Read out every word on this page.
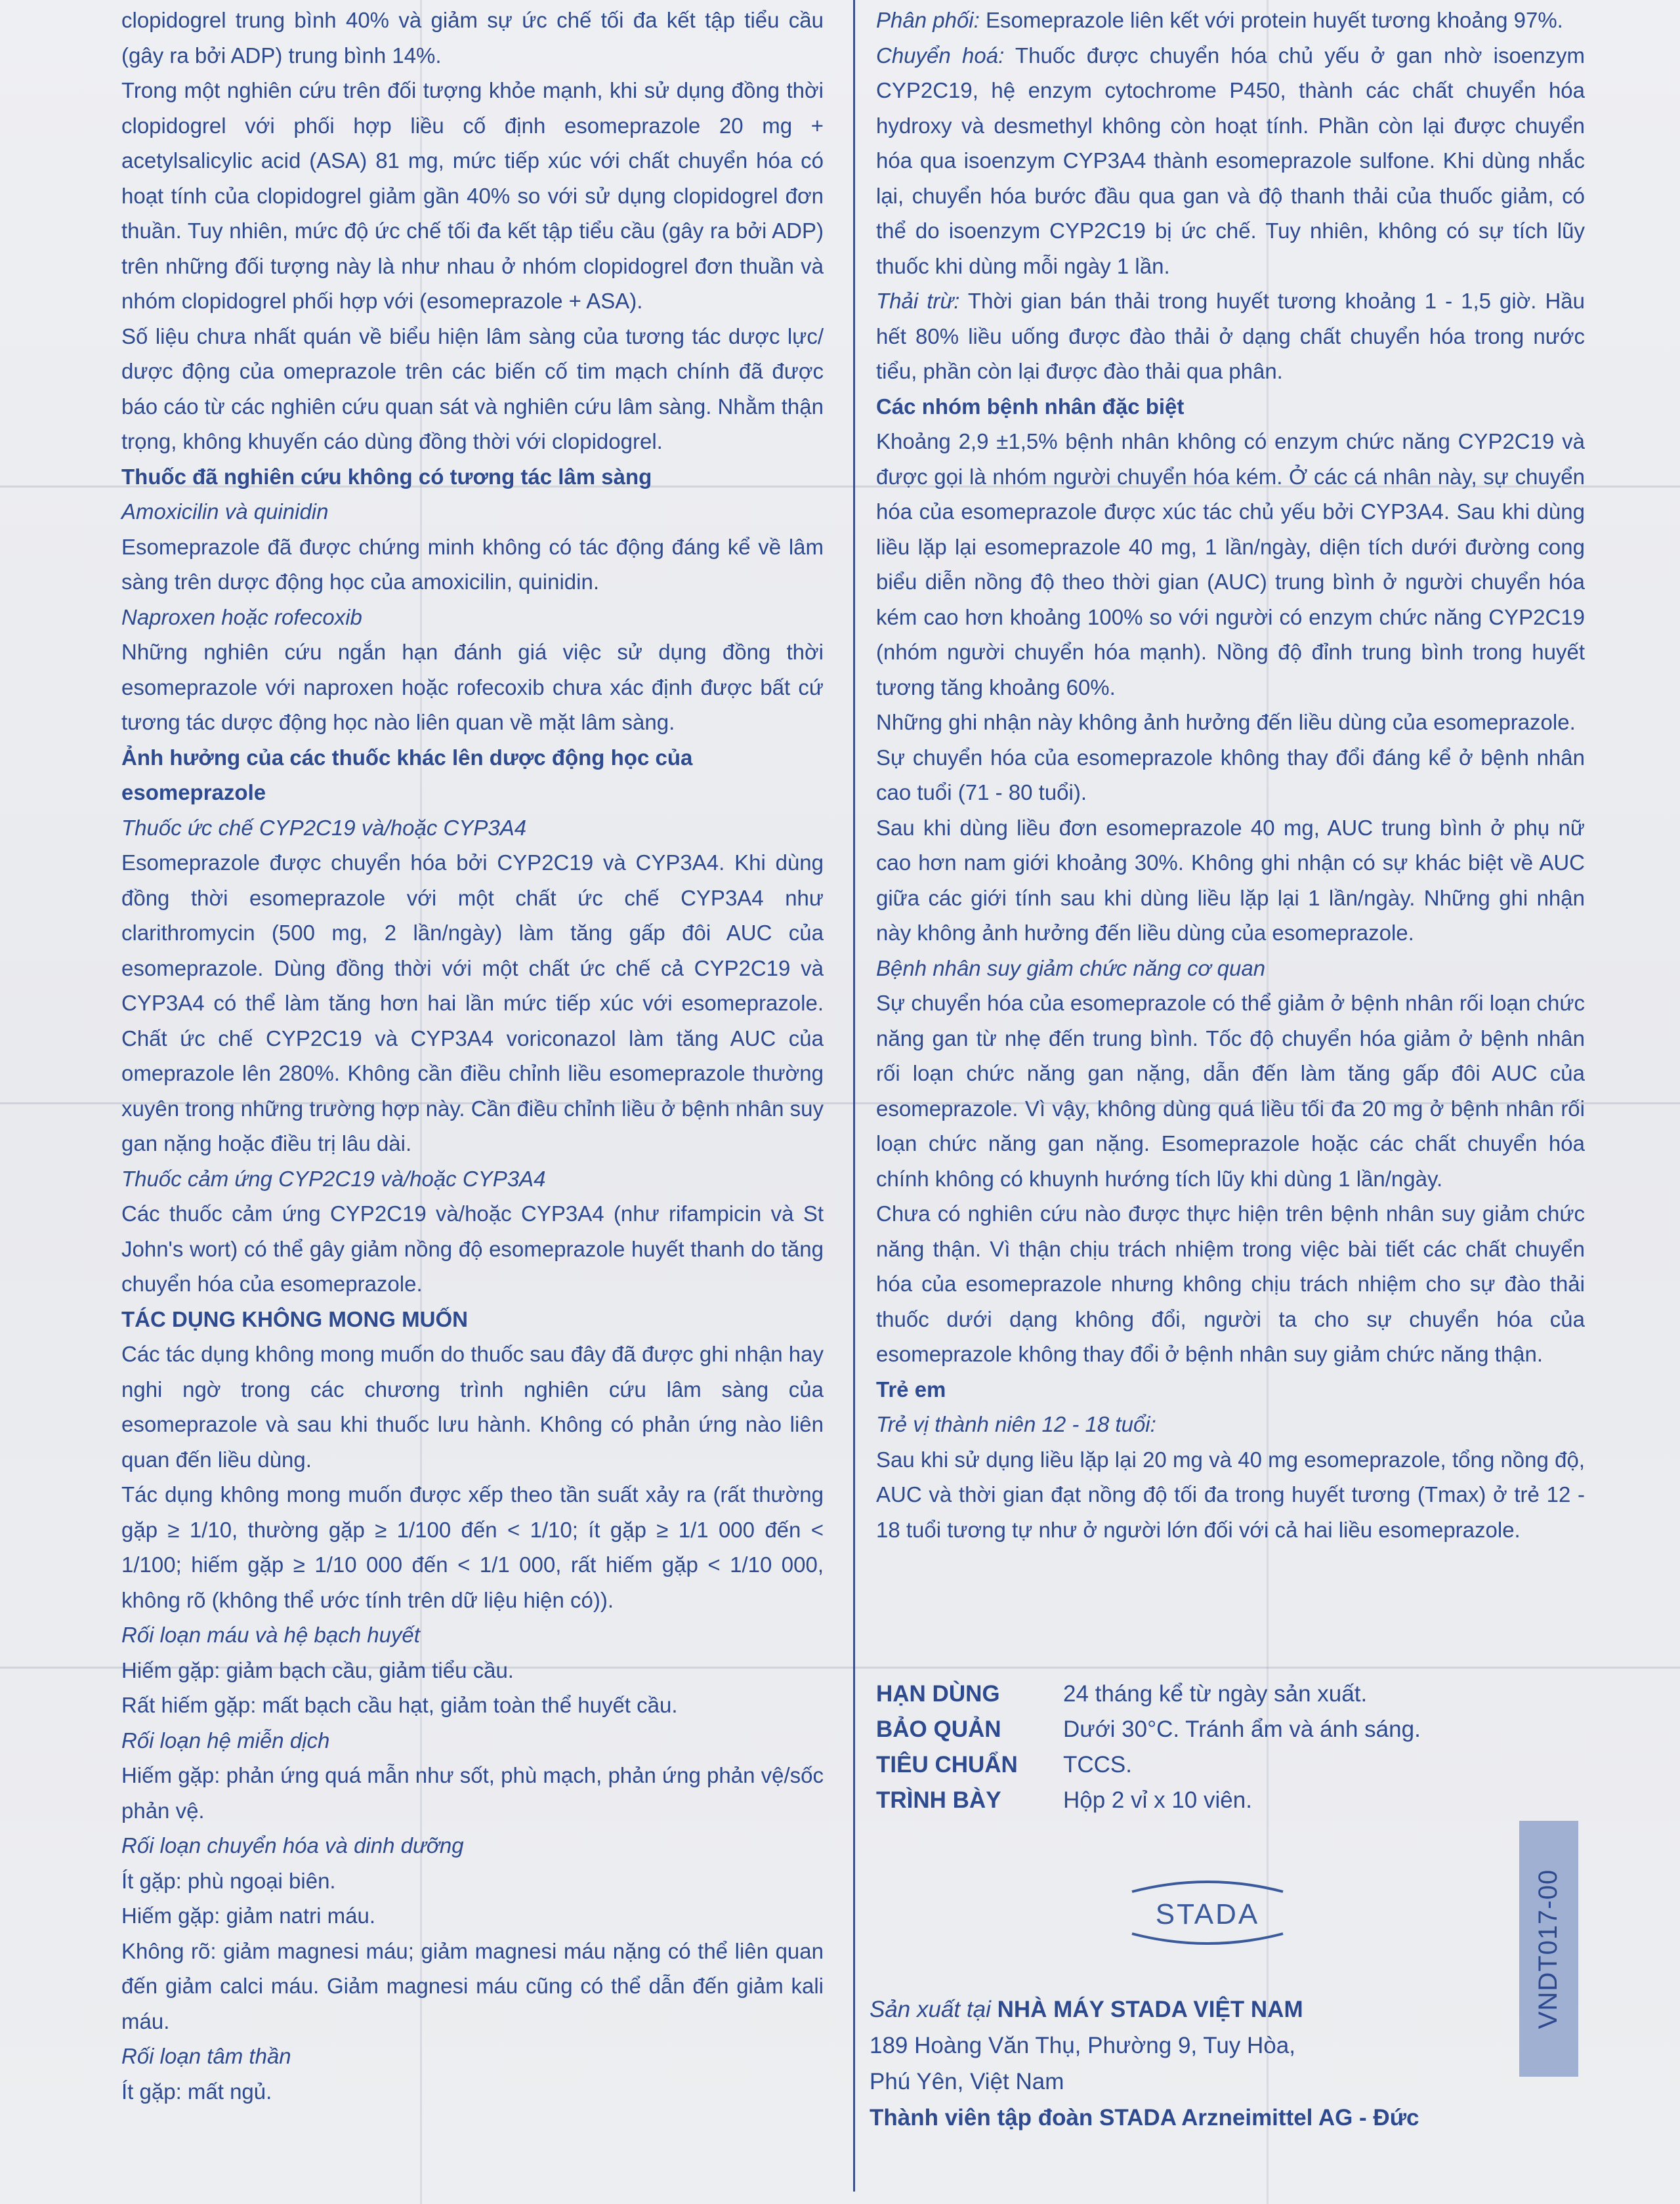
clopidogrel trung bình 40% và giảm sự ức chế tối đa kết tập tiểu cầu (gây ra bởi ADP) trung bình 14%.

Trong một nghiên cứu trên đối tượng khỏe mạnh, khi sử dụng đồng thời clopidogrel với phối hợp liều cố định esomeprazole 20 mg + acetylsalicylic acid (ASA) 81 mg, mức tiếp xúc với chất chuyển hóa có hoạt tính của clopidogrel giảm gần 40% so với sử dụng clopidogrel đơn thuần. Tuy nhiên, mức độ ức chế tối đa kết tập tiểu cầu (gây ra bởi ADP) trên những đối tượng này là như nhau ở nhóm clopidogrel đơn thuần và nhóm clopidogrel phối hợp với (esomeprazole + ASA).

Số liệu chưa nhất quán về biểu hiện lâm sàng của tương tác dược lực/ dược động của omeprazole trên các biến cố tim mạch chính đã được báo cáo từ các nghiên cứu quan sát và nghiên cứu lâm sàng. Nhằm thận trọng, không khuyến cáo dùng đồng thời với clopidogrel.

Thuốc đã nghiên cứu không có tương tác lâm sàng

Amoxicilin và quinidin

Esomeprazole đã được chứng minh không có tác động đáng kể về lâm sàng trên dược động học của amoxicilin, quinidin.

Naproxen hoặc rofecoxib

Những nghiên cứu ngắn hạn đánh giá việc sử dụng đồng thời esomeprazole với naproxen hoặc rofecoxib chưa xác định được bất cứ tương tác dược động học nào liên quan về mặt lâm sàng.

Ảnh hưởng của các thuốc khác lên dược động học của esomeprazole

Thuốc ức chế CYP2C19 và/hoặc CYP3A4

Esomeprazole được chuyển hóa bởi CYP2C19 và CYP3A4. Khi dùng đồng thời esomeprazole với một chất ức chế CYP3A4 như clarithromycin (500 mg, 2 lần/ngày) làm tăng gấp đôi AUC của esomeprazole. Dùng đồng thời với một chất ức chế cả CYP2C19 và CYP3A4 có thể làm tăng hơn hai lần mức tiếp xúc với esomeprazole. Chất ức chế CYP2C19 và CYP3A4 voriconazol làm tăng AUC của omeprazole lên 280%. Không cần điều chỉnh liều esomeprazole thường xuyên trong những trường hợp này. Cần điều chỉnh liều ở bệnh nhân suy gan nặng hoặc điều trị lâu dài.

Thuốc cảm ứng CYP2C19 và/hoặc CYP3A4

Các thuốc cảm ứng CYP2C19 và/hoặc CYP3A4 (như rifampicin và St John's wort) có thể gây giảm nồng độ esomeprazole huyết thanh do tăng chuyển hóa của esomeprazole.

TÁC DỤNG KHÔNG MONG MUỐN

Các tác dụng không mong muốn do thuốc sau đây đã được ghi nhận hay nghi ngờ trong các chương trình nghiên cứu lâm sàng của esomeprazole và sau khi thuốc lưu hành. Không có phản ứng nào liên quan đến liều dùng.

Tác dụng không mong muốn được xếp theo tần suất xảy ra (rất thường gặp ≥ 1/10, thường gặp ≥ 1/100 đến < 1/10; ít gặp ≥ 1/1 000 đến < 1/100; hiếm gặp ≥ 1/10 000 đến < 1/1 000, rất hiếm gặp < 1/10 000, không rõ (không thể ước tính trên dữ liệu hiện có)).

Rối loạn máu và hệ bạch huyết

Hiếm gặp: giảm bạch cầu, giảm tiểu cầu.

Rất hiếm gặp: mất bạch cầu hạt, giảm toàn thể huyết cầu.

Rối loạn hệ miễn dịch

Hiếm gặp: phản ứng quá mẫn như sốt, phù mạch, phản ứng phản vệ/sốc phản vệ.

Rối loạn chuyển hóa và dinh dưỡng

Ít gặp: phù ngoại biên.

Hiếm gặp: giảm natri máu.

Không rõ: giảm magnesi máu; giảm magnesi máu nặng có thể liên quan đến giảm calci máu. Giảm magnesi máu cũng có thể dẫn đến giảm kali máu.

Rối loạn tâm thần

Ít gặp: mất ngủ.

Phân phối: Esomeprazole liên kết với protein huyết tương khoảng 97%.

Chuyển hoá: Thuốc được chuyển hóa chủ yếu ở gan nhờ isoenzym CYP2C19, hệ enzym cytochrome P450, thành các chất chuyển hóa hydroxy và desmethyl không còn hoạt tính. Phần còn lại được chuyển hóa qua isoenzym CYP3A4 thành esomeprazole sulfone. Khi dùng nhắc lại, chuyển hóa bước đầu qua gan và độ thanh thải của thuốc giảm, có thể do isoenzym CYP2C19 bị ức chế. Tuy nhiên, không có sự tích lũy thuốc khi dùng mỗi ngày 1 lần.

Thải trừ: Thời gian bán thải trong huyết tương khoảng 1 - 1,5 giờ. Hầu hết 80% liều uống được đào thải ở dạng chất chuyển hóa trong nước tiểu, phần còn lại được đào thải qua phân.

Các nhóm bệnh nhân đặc biệt

Khoảng 2,9 ±1,5% bệnh nhân không có enzym chức năng CYP2C19 và được gọi là nhóm người chuyển hóa kém. Ở các cá nhân này, sự chuyển hóa của esomeprazole được xúc tác chủ yếu bởi CYP3A4. Sau khi dùng liều lặp lại esomeprazole 40 mg, 1 lần/ngày, diện tích dưới đường cong biểu diễn nồng độ theo thời gian (AUC) trung bình ở người chuyển hóa kém cao hơn khoảng 100% so với người có enzym chức năng CYP2C19 (nhóm người chuyển hóa mạnh). Nồng độ đỉnh trung bình trong huyết tương tăng khoảng 60%.

Những ghi nhận này không ảnh hưởng đến liều dùng của esomeprazole.

Sự chuyển hóa của esomeprazole không thay đổi đáng kể ở bệnh nhân cao tuổi (71 - 80 tuổi).

Sau khi dùng liều đơn esomeprazole 40 mg, AUC trung bình ở phụ nữ cao hơn nam giới khoảng 30%. Không ghi nhận có sự khác biệt về AUC giữa các giới tính sau khi dùng liều lặp lại 1 lần/ngày. Những ghi nhận này không ảnh hưởng đến liều dùng của esomeprazole.

Bệnh nhân suy giảm chức năng cơ quan

Sự chuyển hóa của esomeprazole có thể giảm ở bệnh nhân rối loạn chức năng gan từ nhẹ đến trung bình. Tốc độ chuyển hóa giảm ở bệnh nhân rối loạn chức năng gan nặng, dẫn đến làm tăng gấp đôi AUC của esomeprazole. Vì vậy, không dùng quá liều tối đa 20 mg ở bệnh nhân rối loạn chức năng gan nặng. Esomeprazole hoặc các chất chuyển hóa chính không có khuynh hướng tích lũy khi dùng 1 lần/ngày.

Chưa có nghiên cứu nào được thực hiện trên bệnh nhân suy giảm chức năng thận. Vì thận chịu trách nhiệm trong việc bài tiết các chất chuyển hóa của esomeprazole nhưng không chịu trách nhiệm cho sự đào thải thuốc dưới dạng không đổi, người ta cho sự chuyển hóa của esomeprazole không thay đổi ở bệnh nhân suy giảm chức năng thận.

Trẻ em

Trẻ vị thành niên 12 - 18 tuổi:

Sau khi sử dụng liều lặp lại 20 mg và 40 mg esomeprazole, tổng nồng độ, AUC và thời gian đạt nồng độ tối đa trong huyết tương (Tmax) ở trẻ 12 - 18 tuổi tương tự như ở người lớn đối với cả hai liều esomeprazole.

HẠN DÙNG	24 tháng kể từ ngày sản xuất.
BẢO QUẢN	Dưới 30°C. Tránh ẩm và ánh sáng.
TIÊU CHUẨN	TCCS.
TRÌNH BÀY	Hộp 2 vỉ x 10 viên.
STADA
Sản xuất tại NHÀ MÁY STADA VIỆT NAM
189 Hoàng Văn Thụ, Phường 9, Tuy Hòa,
Phú Yên, Việt Nam
Thành viên tập đoàn STADA Arzneimittel AG - Đức
VNDT017-00
